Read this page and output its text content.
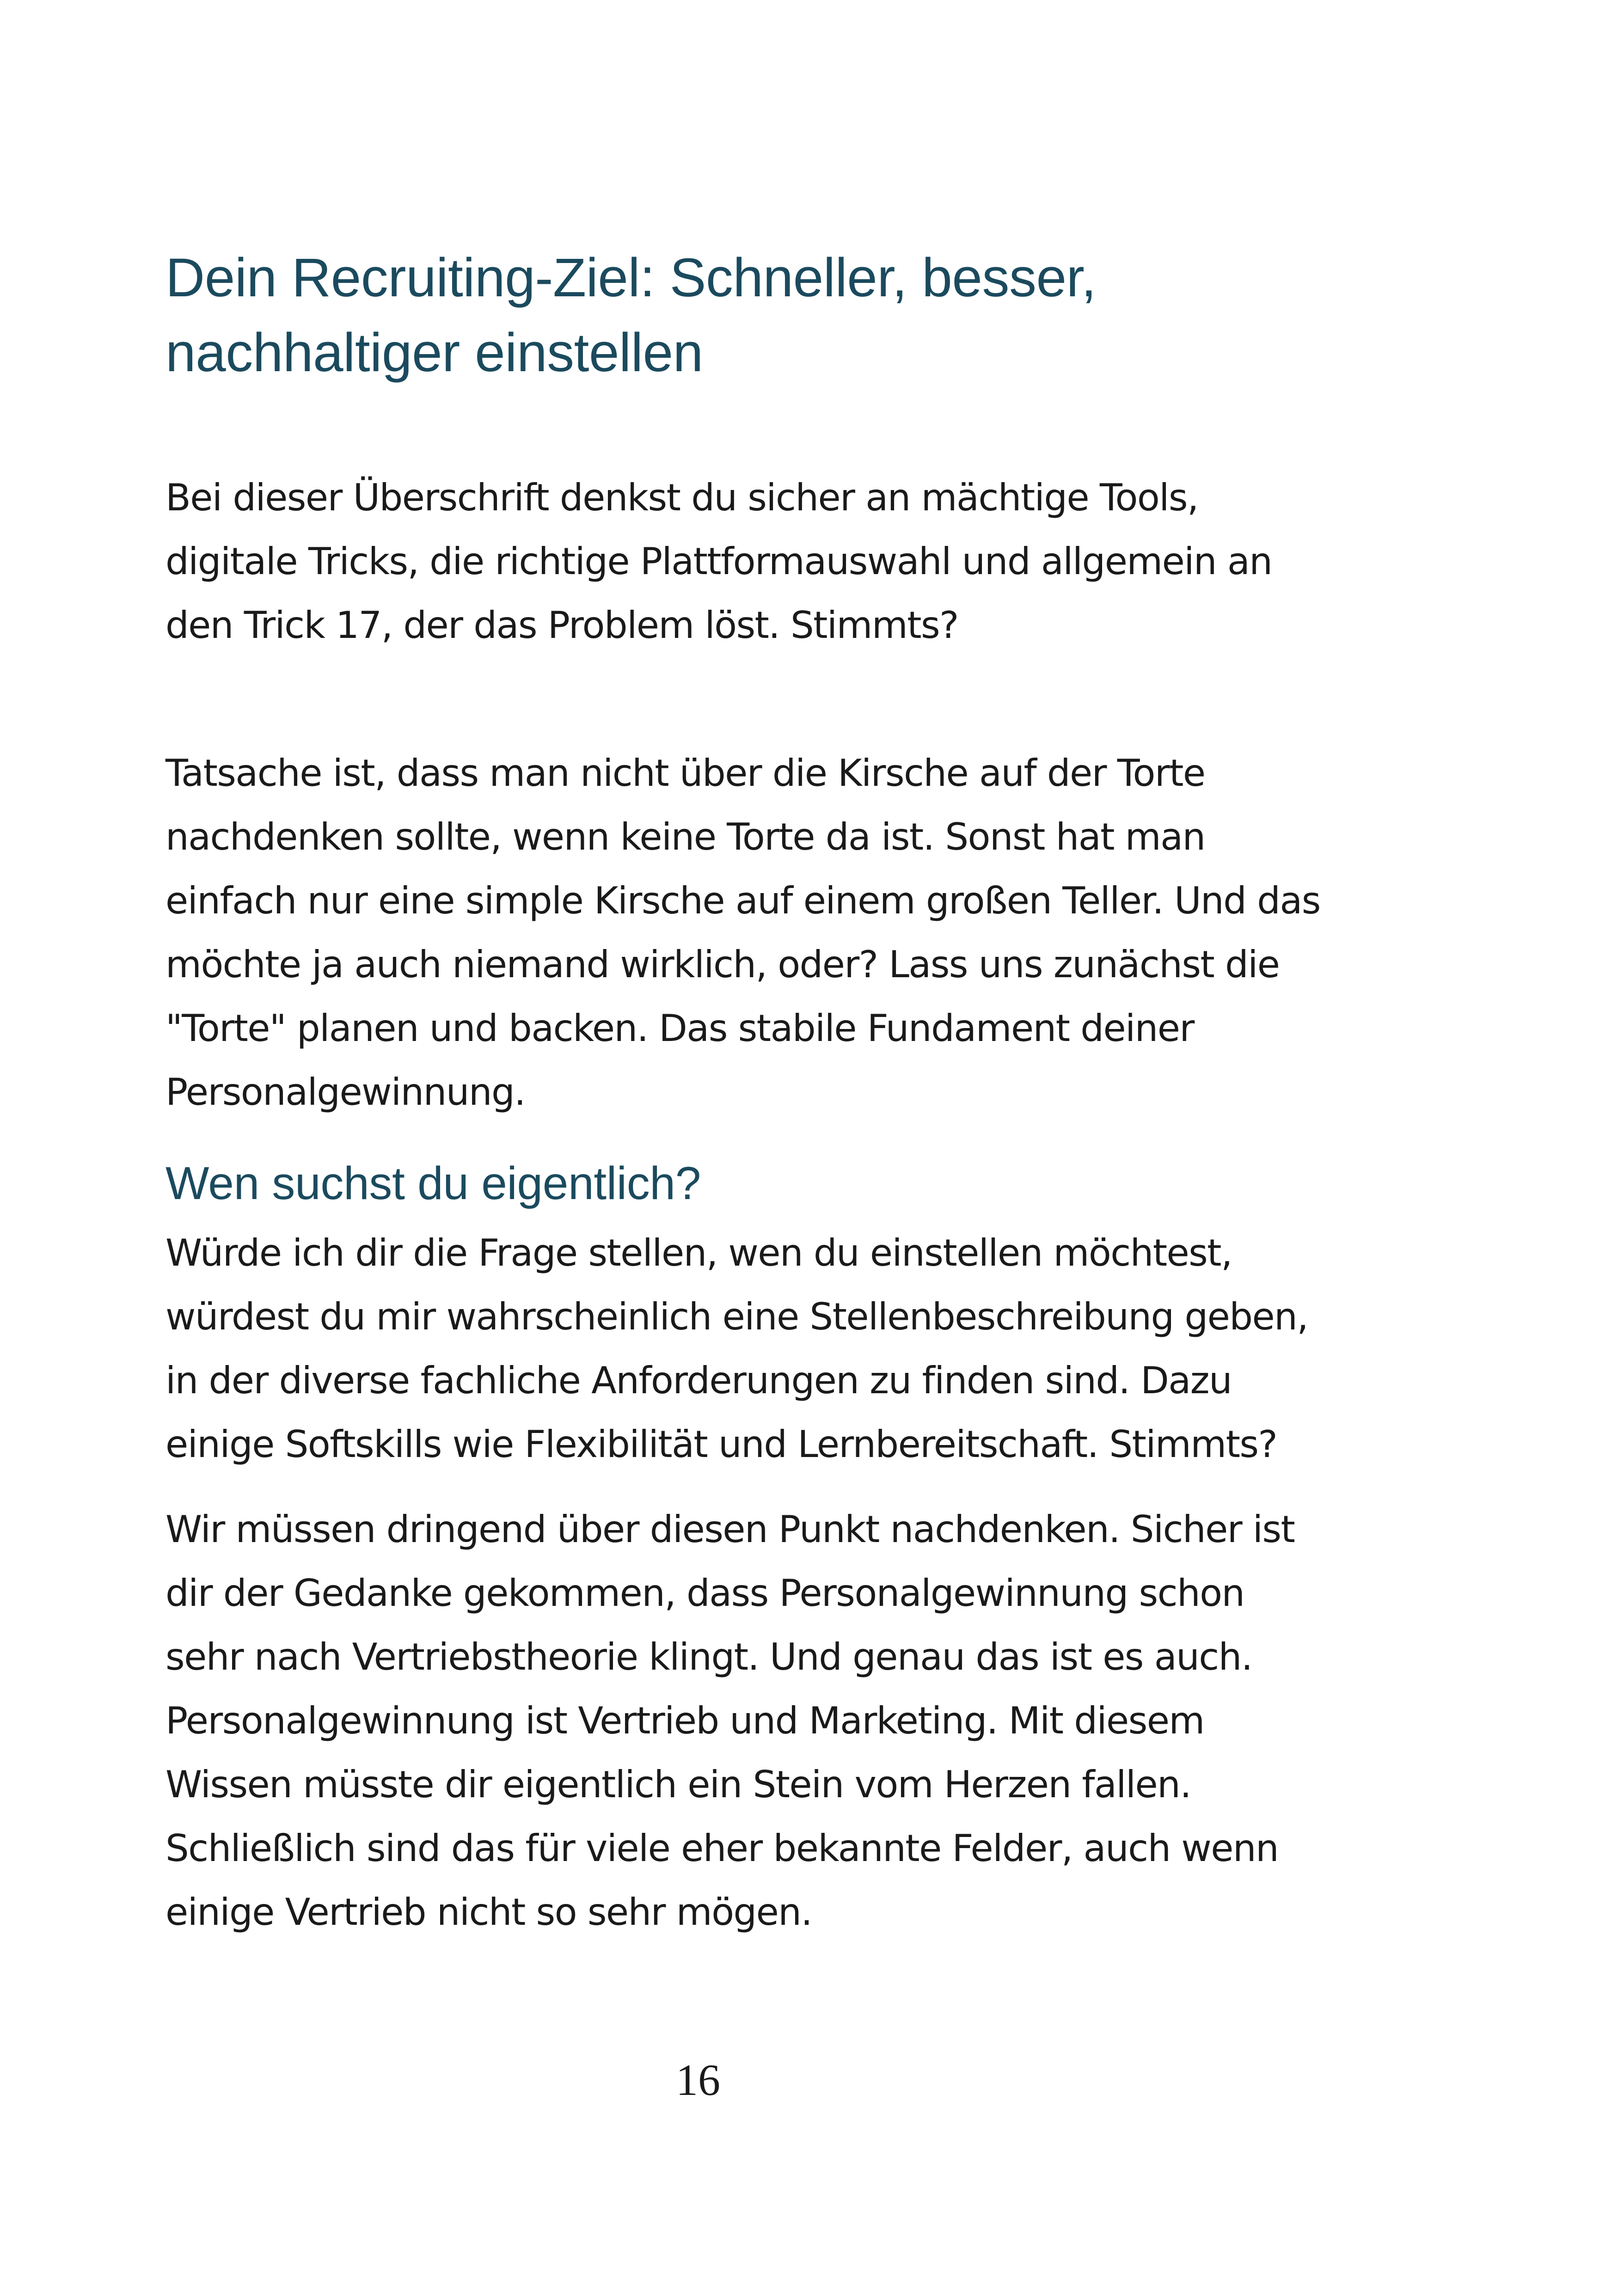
Dein Recruiting-Ziel: Schneller, besser,
nachhaltiger einstellen

Bei dieser Überschrift denkst du sicher an mächtige Tools,
digitale Tricks, die richtige Plattformauswahl und allgemein an
den Trick 17, der das Problem löst. Stimmts?

Tatsache ist, dass man nicht über die Kirsche auf der Torte
nachdenken sollte, wenn keine Torte da ist. Sonst hat man
einfach nur eine simple Kirsche auf einem großen Teller. Und das
möchte ja auch niemand wirklich, oder? Lass uns zunächst die
"Torte" planen und backen. Das stabile Fundament deiner
Personalgewinnung.

Wen suchst du eigentlich?

Würde ich dir die Frage stellen, wen du einstellen möchtest,
würdest du mir wahrscheinlich eine Stellenbeschreibung geben,
in der diverse fachliche Anforderungen zu finden sind. Dazu
einige Softskills wie Flexibilität und Lernbereitschaft. Stimmts?

Wir müssen dringend über diesen Punkt nachdenken. Sicher ist
dir der Gedanke gekommen, dass Personalgewinnung schon
sehr nach Vertriebstheorie klingt. Und genau das ist es auch.
Personalgewinnung ist Vertrieb und Marketing. Mit diesem
Wissen müsste dir eigentlich ein Stein vom Herzen fallen.
Schließlich sind das für viele eher bekannte Felder, auch wenn
einige Vertrieb nicht so sehr mögen.

16
